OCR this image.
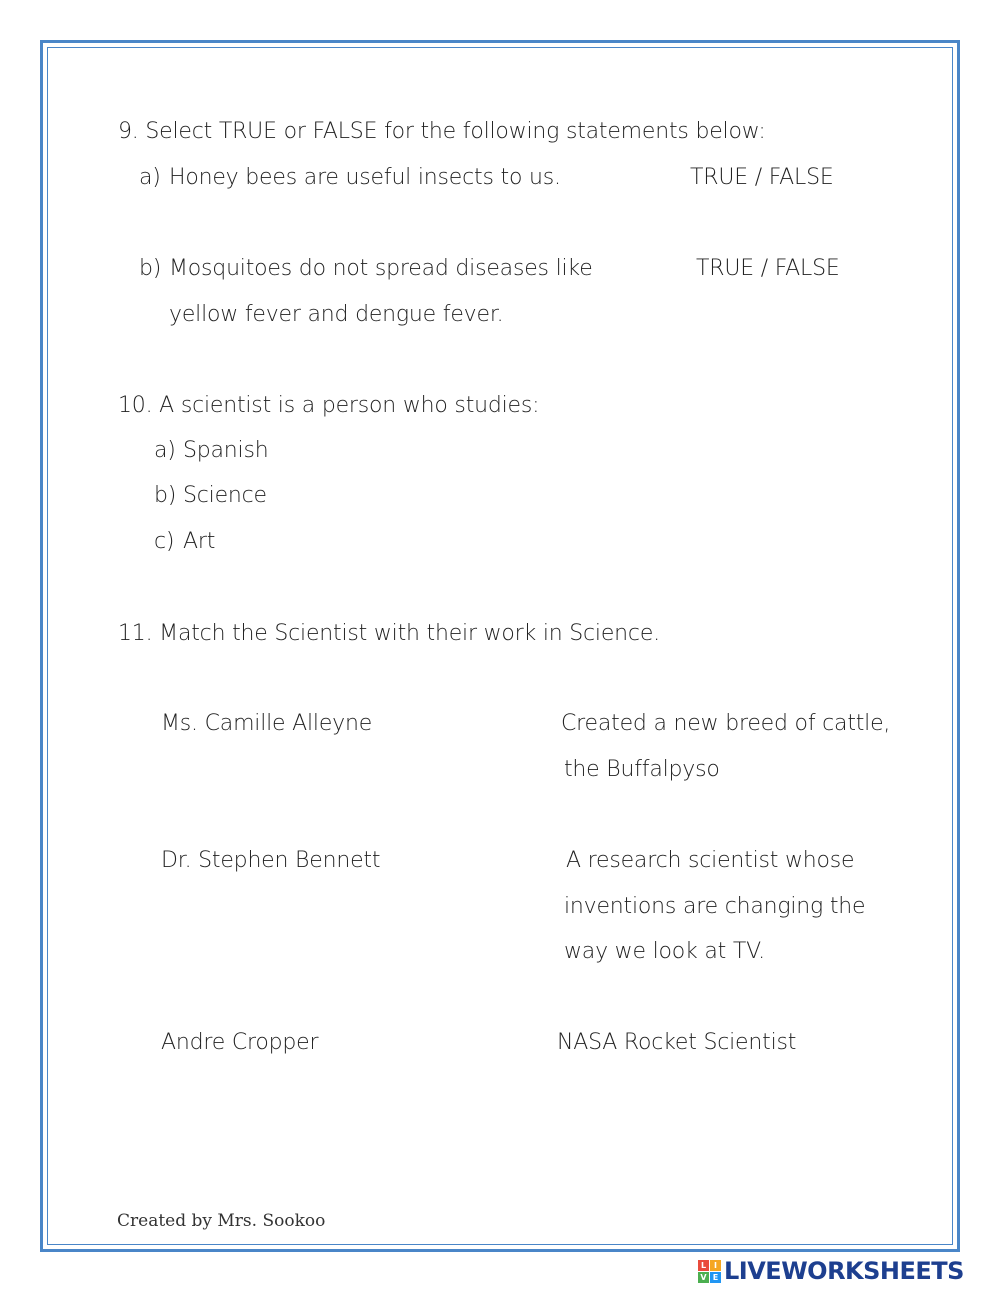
9. Select TRUE or FALSE for the following statements below:
a) Honey bees are useful insects to us.	TRUE / FALSE
b) Mosquitoes do not spread diseases like	TRUE / FALSE
yellow fever and dengue fever.
10. A scientist is a person who studies:
a) Spanish
b) Science
c) Art
11. Match the Scientist with their work in Science.
Ms. Camille Alleyne	Created a new breed of cattle,
the Buffalpyso
Dr. Stephen Bennett	A research scientist whose
inventions are changing the
way we look at TV.
Andre Cropper	NASA Rocket Scientist
Created by Mrs. Sookoo
L I
V E LIVEWORKSHEETS
